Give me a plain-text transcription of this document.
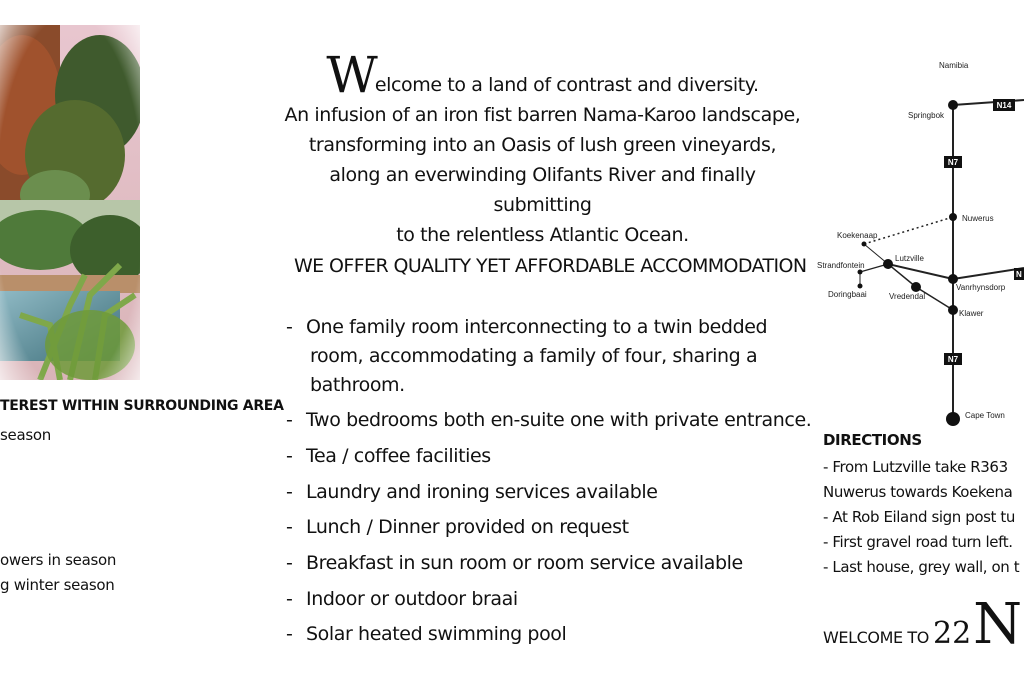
TEREST WITHIN SURROUNDING AREA
season
owers in season
g winter season
Welcome to a land of contrast and diversity.
An infusion of an iron fist barren Nama-Karoo landscape,
transforming into an Oasis of lush green vineyards,
along an everwinding Olifants River and finally submitting
to the relentless Atlantic Ocean.
WE OFFER QUALITY YET AFFORDABLE ACCOMMODATION
- One family room interconnecting to a twin bedded
room, accommodating a family of four, sharing a
bathroom.
- Two bedrooms both en-suite one with private entrance.
- Tea / coffee facilities
- Laundry and ironing services available
- Lunch / Dinner provided on request
- Breakfast in sun room or room service available
- Indoor or outdoor braai
- Solar heated swimming pool
N14
N7
N7
N
Namibia
Springbok
Nuwerus
Koekenaap
Lutzville
Strandfontein
Doringbaai	Vredendal
Vanrhynsdorp
Klawer
Cape Town
DIRECTIONS
- From Lutzville take R363
Nuwerus towards Koekena
- At Rob Eiland sign post tu
- First gravel road turn left.
- Last house, grey wall, on t
WELCOME TO 22N
